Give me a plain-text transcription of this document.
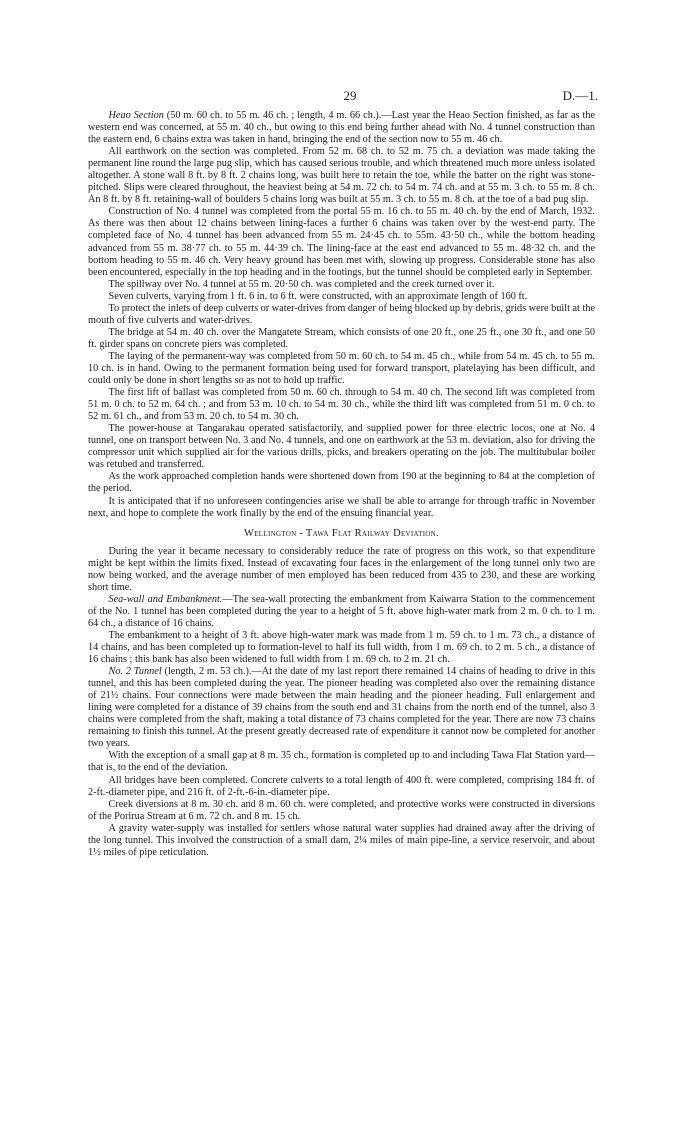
29	D.—1.

Heao Section (50 m. 60 ch. to 55 m. 46 ch. ; length, 4 m. 66 ch.).—Last year the Heao Section finished, as far as the western end was concerned, at 55 m. 40 ch., but owing to this end being further ahead with No. 4 tunnel construction than the eastern end, 6 chains extra was taken in hand, bringing the end of the section now to 55 m. 46 ch.

All earthwork on the section was completed. From 52 m. 68 ch. to 52 m. 75 ch. a deviation was made taking the permanent line round the large pug slip, which has caused serious trouble, and which threatened much more unless isolated altogether. A stone wall 8 ft. by 8 ft. 2 chains long, was built here to retain the toe, while the batter on the right was stone-pitched. Slips were cleared throughout, the heaviest being at 54 m. 72 ch. to 54 m. 74 ch. and at 55 m. 3 ch. to 55 m. 8 ch. An 8 ft. by 8 ft. retaining-wall of boulders 5 chains long was built at 55 m. 3 ch. to 55 m. 8 ch. at the toe of a bad pug slip.

Construction of No. 4 tunnel was completed from the portal 55 m. 16 ch. to 55 m. 40 ch. by the end of March, 1932. As there was then about 12 chains between lining-faces a further 6 chains was taken over by the west-end party. The completed face of No. 4 tunnel has been advanced from 55 m. 24·45 ch. to 55m. 43·50 ch., while the bottom heading advanced from 55 m. 38·77 ch. to 55 m. 44·39 ch. The lining-face at the east end advanced to 55 m. 48·32 ch. and the bottom heading to 55 m. 46 ch. Very heavy ground has been met with, slowing up progress. Considerable stone has also been encountered, especially in the top heading and in the footings, but the tunnel should be completed early in September.

The spillway over No. 4 tunnel at 55 m. 20·50 ch. was completed and the creek turned over it.

Seven culverts, varying from 1 ft. 6 in. to 6 ft. were constructed, with an approximate length of 160 ft.

To protect the inlets of deep culverts or water-drives from danger of being blocked up by debris, grids were built at the mouth of five culverts and water-drives.

The bridge at 54 m. 40 ch. over the Mangatete Stream, which consists of one 20 ft., one 25 ft., one 30 ft., and one 50 ft. girder spans on concrete piers was completed.

The laying of the permanent-way was completed from 50 m. 60 ch. to 54 m. 45 ch., while from 54 m. 45 ch. to 55 m. 10 ch. is in hand. Owing to the permanent formation being used for forward transport, platelaying has been difficult, and could only be done in short lengths so as not to hold up traffic.

The first lift of ballast was completed from 50 m. 60 ch. through to 54 m. 40 ch. The second lift was completed from 51 m. 0 ch. to 52 m. 64 ch. ; and from 53 m. 10 ch. to 54 m. 30 ch., while the third lift was completed from 51 m. 0 ch. to 52 m. 61 ch., and from 53 m. 20 ch. to 54 m. 30 ch.

The power-house at Tangarakau operated satisfactorily, and supplied power for three electric locos, one at No. 4 tunnel, one on transport between No. 3 and No. 4 tunnels, and one on earthwork at the 53 m. deviation, also for driving the compressor unit which supplied air for the various drills, picks, and breakers operating on the job. The multitubular boiler was retubed and transferred.

As the work approached completion hands were shortened down from 190 at the beginning to 84 at the completion of the period.

It is anticipated that if no unforeseen contingencies arise we shall be able to arrange for through traffic in November next, and hope to complete the work finally by the end of the ensuing financial year.

Wellington - Tawa Flat Railway Deviation.

During the year it became necessary to considerably reduce the rate of progress on this work, so that expenditure might be kept within the limits fixed. Instead of excavating four faces in the enlargement of the long tunnel only two are now being worked, and the average number of men employed has been reduced from 435 to 230, and these are working short time.

Sea-wall and Embankment.—The sea-wall protecting the embankment from Kaiwarra Station to the commencement of the No. 1 tunnel has been completed during the year to a height of 5 ft. above high-water mark from 2 m. 0 ch. to 1 m. 64 ch., a distance of 16 chains.

The embankment to a height of 3 ft. above high-water mark was made from 1 m. 59 ch. to 1 m. 73 ch., a distance of 14 chains, and has been completed up to formation-level to half its full width, from 1 m. 69 ch. to 2 m. 5 ch., a distance of 16 chains ; this bank has also been widened to full width from 1 m. 69 ch. to 2 m. 21 ch.

No. 2 Tunnel (length, 2 m. 53 ch.).—At the date of my last report there remained 14 chains of heading to drive in this tunnel, and this has been completed during the year. The pioneer heading was completed also over the remaining distance of 21½ chains. Four connections were made between the main heading and the pioneer heading. Full enlargement and lining were completed for a distance of 39 chains from the south end and 31 chains from the north end of the tunnel, also 3 chains were completed from the shaft, making a total distance of 73 chains completed for the year. There are now 73 chains remaining to finish this tunnel. At the present greatly decreased rate of expenditure it cannot now be completed for another two years.

With the exception of a small gap at 8 m. 35 ch., formation is completed up to and including Tawa Flat Station yard—that is, to the end of the deviation.

All bridges have been completed. Concrete culverts to a total length of 400 ft. were completed, comprising 184 ft. of 2-ft.-diameter pipe, and 216 ft. of 2-ft.-6-in.-diameter pipe.

Creek diversions at 8 m. 30 ch. and 8 m. 60 ch. were completed, and protective works were constructed in diversions of the Porirua Stream at 6 m. 72 ch. and 8 m. 15 ch.

A gravity water-supply was installed for settlers whose natural water supplies had drained away after the driving of the long tunnel. This involved the construction of a small dam, 2¼ miles of main pipe-line, a service reservoir, and about 1½ miles of pipe reticulation.
